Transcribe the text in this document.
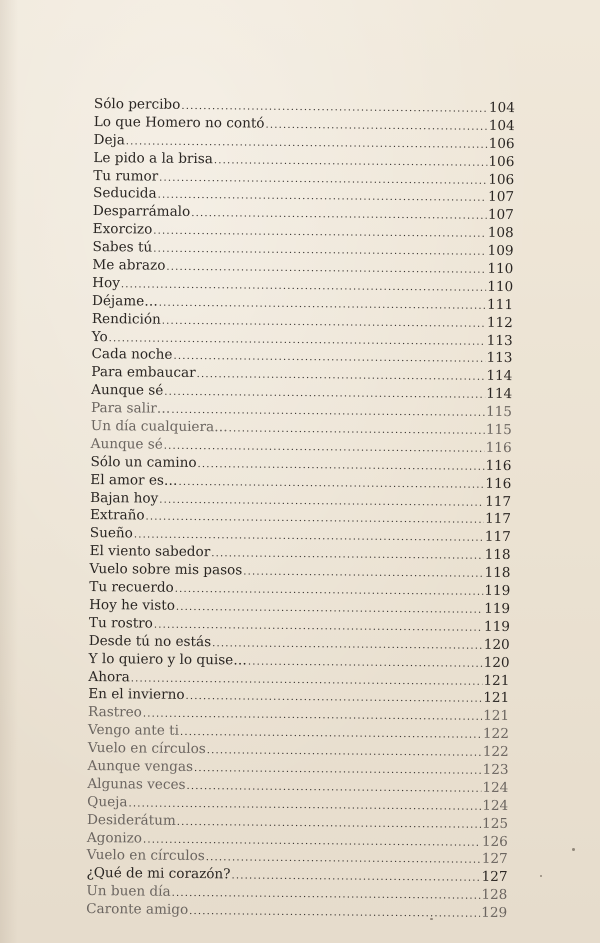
Sólo percibo .....	104
Lo que Homero no contó .....	104
Deja .....	106
Le pido a la brisa .....	106
Tu rumor .....	106
Seducida .....	107
Desparrámalo .....	107
Exorcizo .....	108
Sabes tú .....	109
Me abrazo .....	110
Hoy .....	110
Déjame… .....	111
Rendición .....	112
Yo .....	113
Cada noche .....	113
Para embaucar .....	114
Aunque sé .....	114
Para salir… .....	115
Un día cualquiera… .....	115
Aunque sé .....	116
Sólo un camino .....	116
El amor es… .....	116
Bajan hoy .....	117
Extraño .....	117
Sueño .....	117
El viento sabedor .....	118
Vuelo sobre mis pasos .....	118
Tu recuerdo .....	119
Hoy he visto .....	119
Tu rostro .....	119
Desde tú no estás .....	120
Y lo quiero y lo quise… .....	120
Ahora .....	121
En el invierno .....	121
Rastreo .....	121
Vengo ante ti .....	122
Vuelo en círculos .....	122
Aunque vengas .....	123
Algunas veces .....	124
Queja .....	124
Desiderátum .....	125
Agonizo .....	126
Vuelo en círculos .....	127
¿Qué de mi corazón? .....	127
Un buen día .....	128
Caronte amigo .....	129
